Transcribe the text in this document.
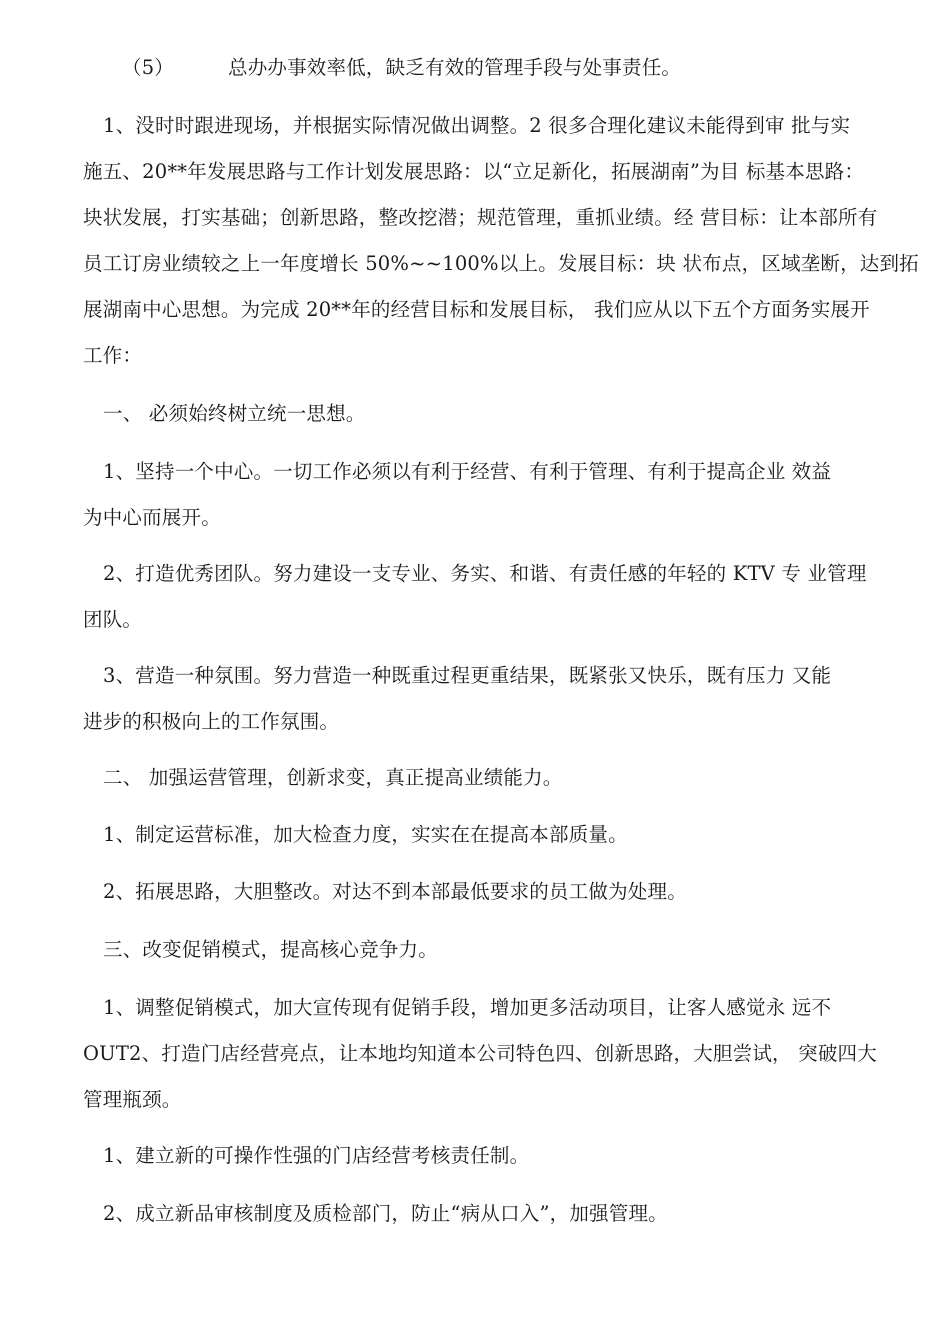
（5）	总办办事效率低，缺乏有效的管理手段与处事责任。
1、没时时跟进现场，并根据实际情况做出调整。2 很多合理化建议未能得到审 批与实
施五、20**年发展思路与工作计划发展思路：以“立足新化，拓展湖南”为目 标基本思路：
块状发展，打实基础；创新思路，整改挖潜；规范管理，重抓业绩。经 营目标：让本部所有
员工订房业绩较之上一年度增长 50%~~100%以上。发展目标：块 状布点，区域垄断，达到拓
展湖南中心思想。为完成 20**年的经营目标和发展目标， 我们应从以下五个方面务实展开
工作：
一、 必须始终树立统一思想。
1、坚持一个中心。一切工作必须以有利于经营、有利于管理、有利于提高企业 效益
为中心而展开。
2、打造优秀团队。努力建设一支专业、务实、和谐、有责任感的年轻的 KTV 专 业管理
团队。
3、营造一种氛围。努力营造一种既重过程更重结果，既紧张又快乐，既有压力 又能
进步的积极向上的工作氛围。
二、 加强运营管理，创新求变，真正提高业绩能力。
1、制定运营标准，加大检查力度，实实在在提高本部质量。
2、拓展思路，大胆整改。对达不到本部最低要求的员工做为处理。
三、改变促销模式，提高核心竞争力。
1、调整促销模式，加大宣传现有促销手段，增加更多活动项目，让客人感觉永 远不
OUT2、打造门店经营亮点，让本地均知道本公司特色四、创新思路，大胆尝试， 突破四大
管理瓶颈。
1、建立新的可操作性强的门店经营考核责任制。
2、成立新品审核制度及质检部门，防止“病从口入”，加强管理。
